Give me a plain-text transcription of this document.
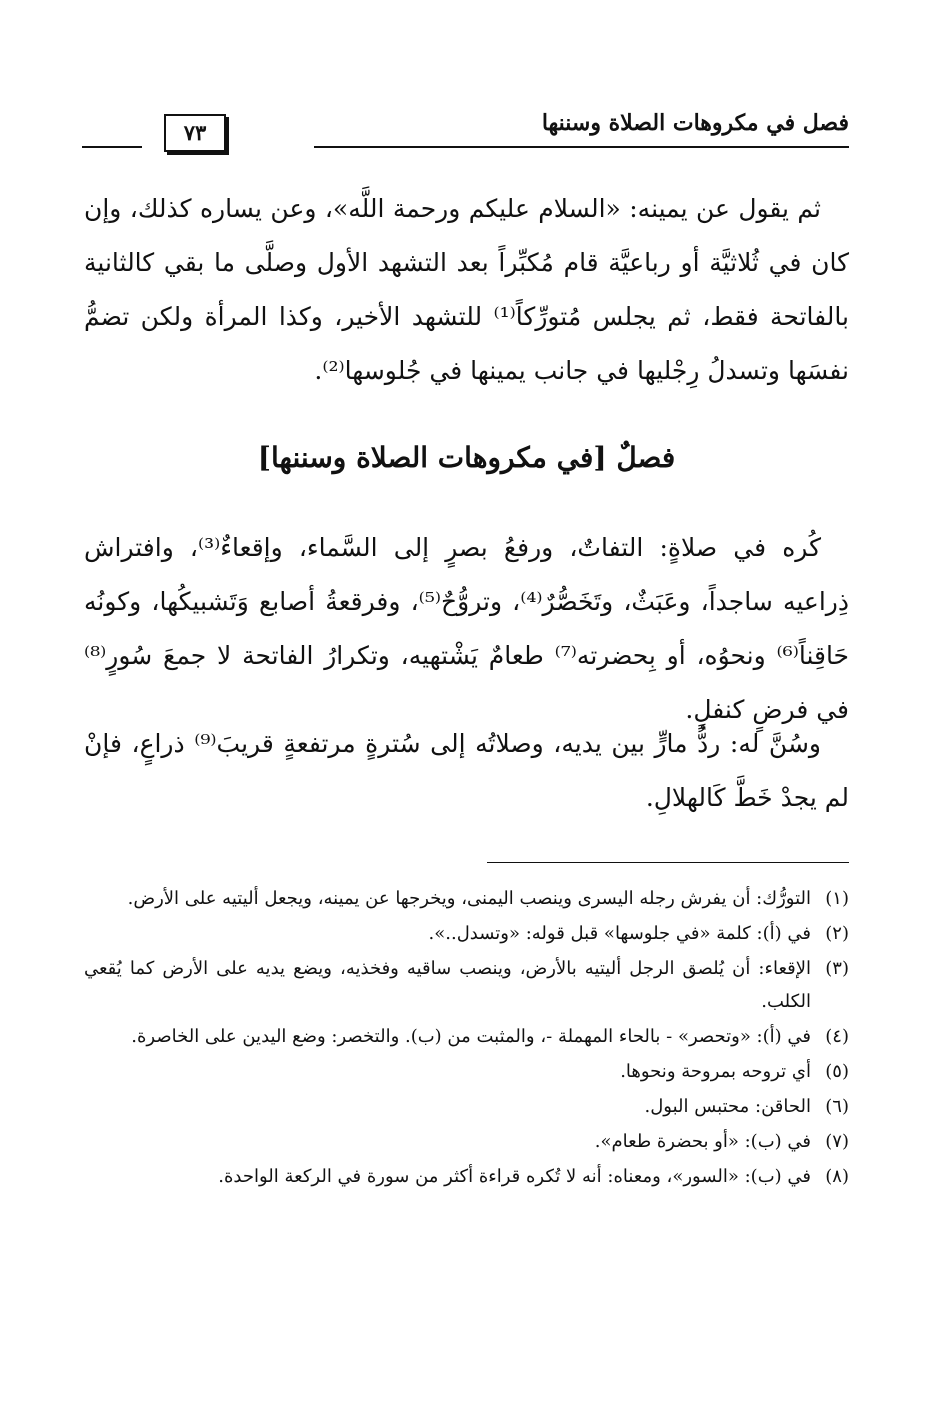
فصل في مكروهات الصلاة وسننها
٧٣

ثم يقول عن يمينه: «السلام عليكم ورحمة اللَّه»، وعن يساره كذلك، وإن كان في ثُلاثيَّة أو رباعيَّة قام مُكبِّراً بعد التشهد الأول وصلَّى ما بقي كالثانية بالفاتحة فقط، ثم يجلس مُتورِّكاً⁽¹⁾ للتشهد الأخير، وكذا المرأة ولكن تضمُّ نفسَها وتسدلُ رِجْليها في جانب يمينها في جُلوسها⁽²⁾.

فصلٌ [في مكروهات الصلاة وسننها]

كُره في صلاةٍ: التفاتٌ، ورفعُ بصرٍ إلى السَّماء، وإقعاءٌ⁽³⁾، وافتراش ذِراعيه ساجداً، وعَبَثٌ، وتَخَصُّرٌ⁽⁴⁾، وتروُّحٌ⁽⁵⁾، وفرقعةُ أصابع وَتَشبيكُها، وكونُه حَاقِناً⁽⁶⁾ ونحوُه، أو بِحضرته⁽⁷⁾ طعامٌ يَشْتهيه، وتكرارُ الفاتحة لا جمعَ سُورٍ⁽⁸⁾ في فرضٍ كنفلٍ.

وسُنَّ له: ردُّ مارٍّ بين يديه، وصلاتُه إلى سُترةٍ مرتفعةٍ قريبَ⁽⁹⁾ ذراعٍ، فإنْ لم يجدْ خَطَّ كَالهلالِ.

(١)
التورُّك: أن يفرش رجله اليسرى وينصب اليمنى، ويخرجها عن يمينه، ويجعل أليتيه على الأرض.
(٢)
في (أ): كلمة «في جلوسها» قبل قوله: «وتسدل..».
(٣)
الإقعاء: أن يُلصق الرجل أليتيه بالأرض، وينصب ساقيه وفخذيه، ويضع يديه على الأرض كما يُقعي الكلب.
(٤)
في (أ): «وتحصر» - بالحاء المهملة -، والمثبت من (ب). والتخصر: وضع اليدين على الخاصرة.
(٥)
أي تروحه بمروحة ونحوها.
(٦)
الحاقن: محتبس البول.
(٧)
في (ب): «أو بحضرة طعام».
(٨)
في (ب): «السور»، ومعناه: أنه لا تُكره قراءة أكثر من سورة في الركعة الواحدة.
